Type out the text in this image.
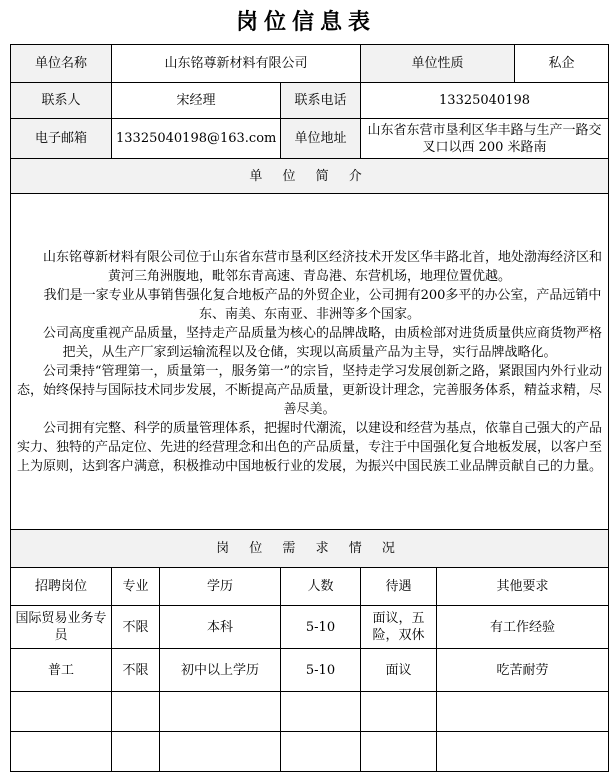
岗位信息表
单位名称	山东铭尊新材料有限公司			单位性质		私企
联系人	宋经理		联系电话	13325040198		
电子邮箱	13325040198@163.com		单位地址	山东省东营市垦利区华丰路与生产一路交叉口以西 200 米路南		
单 位 简 介						

山东铭尊新材料有限公司位于山东省东营市垦利区经济技术开发区华丰路北首，地处渤海经济区和黄河三角洲腹地，毗邻东青高速、青岛港、东营机场，地理位置优越。

我们是一家专业从事销售强化复合地板产品的外贸企业，公司拥有200多平的办公室，产品远销中东、南美、东南亚、非洲等多个国家。

公司高度重视产品质量，坚持走产品质量为核心的品牌战略，由质检部对进货质量供应商货物严格把关，从生产厂家到运输流程以及仓储，实现以高质量产品为主导，实行品牌战略化。

公司秉持“管理第一，质量第一，服务第一”的宗旨，坚持走学习发展创新之路，紧跟国内外行业动态，始终保持与国际技术同步发展，不断提高产品质量，更新设计理念，完善服务体系，精益求精，尽善尽美。

公司拥有完整、科学的质量管理体系，把握时代潮流，以建设和经营为基点，依靠自己强大的产品实力、独特的产品定位、先进的经营理念和出色的产品质量，专注于中国强化复合地板发展，以客户至上为原则，达到客户满意，积极推动中国地板行业的发展，为振兴中国民族工业品牌贡献自己的力量。						

岗 位 需 求 情 况						
招聘岗位	专业	学历	人数	待遇	其他要求	
国际贸易业务专员	不限	本科	5-10	面议，五险，双休	有工作经验	
普工	不限	初中以上学历	5-10	面议	吃苦耐劳	
